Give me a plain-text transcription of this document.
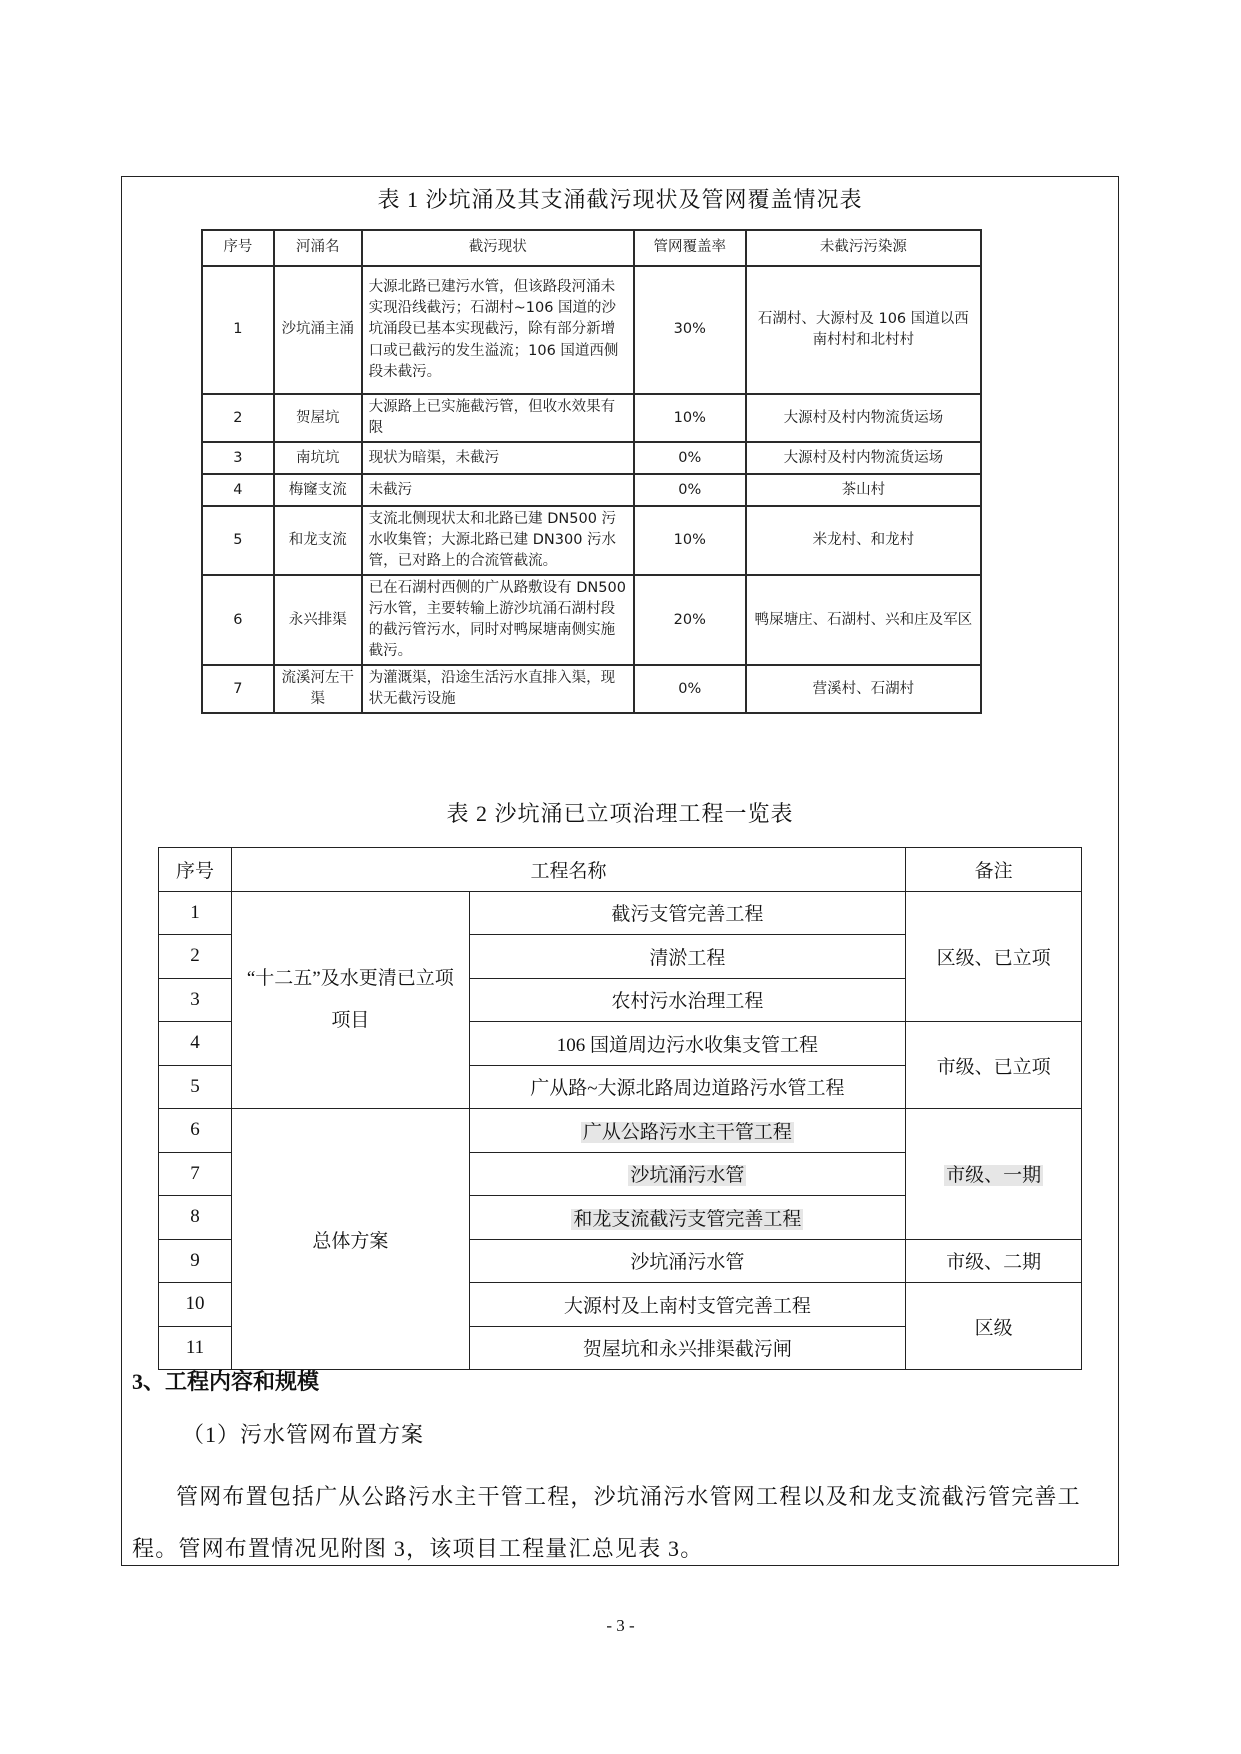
表 1 沙坑涌及其支涌截污现状及管网覆盖情况表
序号	河涌名	截污现状	管网覆盖率	未截污污染源
1	沙坑涌主涌	大源北路已建污水管，但该路段河涌未实现沿线截污；石湖村~106 国道的沙坑涌段已基本实现截污，除有部分新增口或已截污的发生溢流；106 国道西侧段未截污。	30%	石湖村、大源村及 106 国道以西南村村和北村村
2	贺屋坑	大源路上已实施截污管，但收水效果有限	10%	大源村及村内物流货运场
3	南坑坑	现状为暗渠，未截污	0%	大源村及村内物流货运场
4	梅窿支流	未截污	0%	茶山村
5	和龙支流	支流北侧现状太和北路已建 DN500 污水收集管；大源北路已建 DN300 污水管，已对路上的合流管截流。	10%	米龙村、和龙村
6	永兴排渠	已在石湖村西侧的广从路敷设有 DN500 污水管，主要转输上游沙坑涌石湖村段的截污管污水，同时对鸭屎塘南侧实施截污。	20%	鸭屎塘庄、石湖村、兴和庄及军区
7	流溪河左干渠	为灌溉渠，沿途生活污水直排入渠，现状无截污设施	0%	营溪村、石湖村
表 2 沙坑涌已立项治理工程一览表
序号	工程名称		备注
1	“十二五”及水更清已立项项目	截污支管完善工程	区级、已立项
2		清淤工程	
3		农村污水治理工程	
4		106 国道周边污水收集支管工程	市级、已立项
5		广从路~大源北路周边道路污水管工程	
6	总体方案	广从公路污水主干管工程	市级、一期
7		沙坑涌污水管	
8		和龙支流截污支管完善工程	
9		沙坑涌污水管	市级、二期
10		大源村及上南村支管完善工程	区级
11		贺屋坑和永兴排渠截污闸	
3、工程内容和规模
（1）污水管网布置方案
管网布置包括广从公路污水主干管工程，沙坑涌污水管网工程以及和龙支流截污管完善工程。管网布置情况见附图 3，该项目工程量汇总见表 3。
- 3 -
